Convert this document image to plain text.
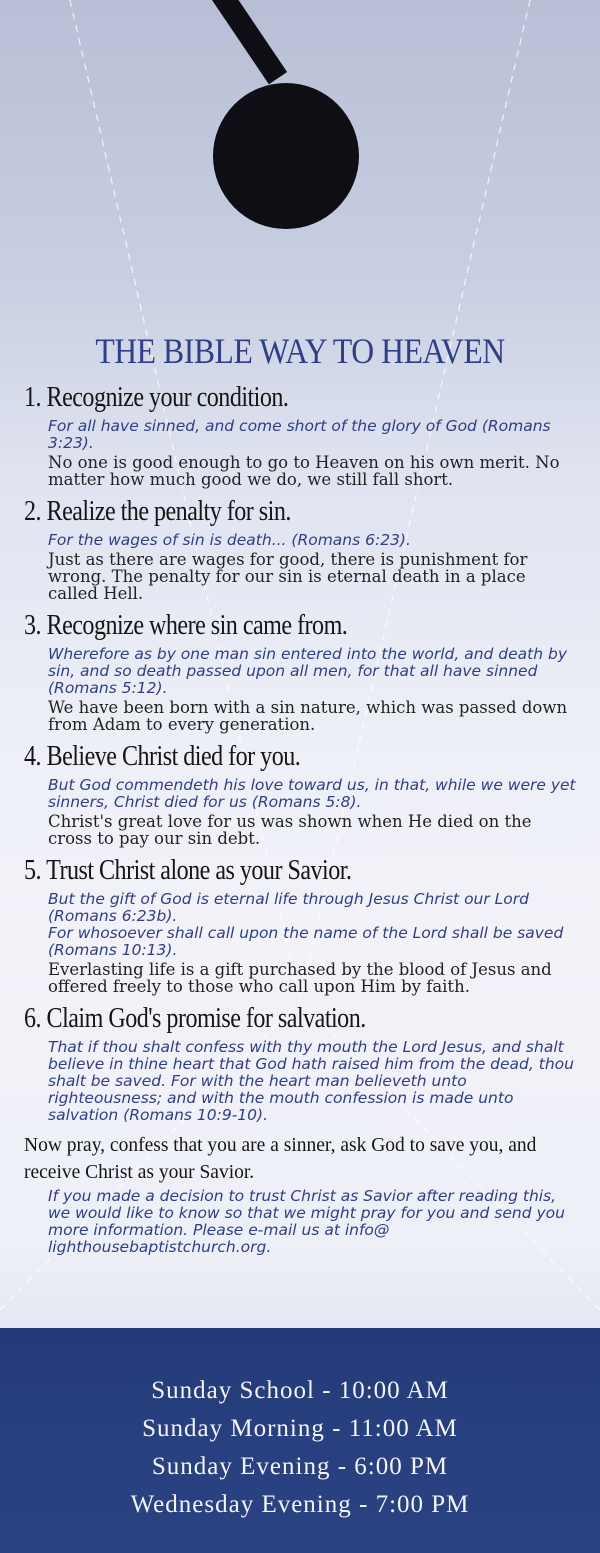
THE BIBLE WAY TO HEAVEN
1. Recognize your condition.
For all have sinned, and come short of the glory of God (Romans 3:23).
No one is good enough to go to Heaven on his own merit. No matter how much good we do, we still fall short.
2. Realize the penalty for sin.
For the wages of sin is death... (Romans 6:23).
Just as there are wages for good, there is punishment for wrong. The penalty for our sin is eternal death in a place called Hell.
3. Recognize where sin came from.
Wherefore as by one man sin entered into the world, and death by sin, and so death passed upon all men, for that all have sinned (Romans 5:12).
We have been born with a sin nature, which was passed down from Adam to every generation.
4. Believe Christ died for you.
But God commendeth his love toward us, in that, while we were yet sinners, Christ died for us (Romans 5:8).
Christ's great love for us was shown when He died on the cross to pay our sin debt.
5. Trust Christ alone as your Savior.
But the gift of God is eternal life through Jesus Christ our Lord (Romans 6:23b).
For whosoever shall call upon the name of the Lord shall be saved (Romans 10:13).
Everlasting life is a gift purchased by the blood of Jesus and offered freely to those who call upon Him by faith.
6. Claim God's promise for salvation.
That if thou shalt confess with thy mouth the Lord Jesus, and shalt believe in thine heart that God hath raised him from the dead, thou shalt be saved. For with the heart man believeth unto righteousness; and with the mouth confession is made unto salvation (Romans 10:9-10).
Now pray, confess that you are a sinner, ask God to save you, and receive Christ as your Savior.
If you made a decision to trust Christ as Savior after reading this, we would like to know so that we might pray for you and send you more information. Please e-mail us at info@ lighthousebaptistchurch.org.
Sunday School - 10:00 AM
Sunday Morning - 11:00 AM
Sunday Evening - 6:00 PM
Wednesday Evening - 7:00 PM
